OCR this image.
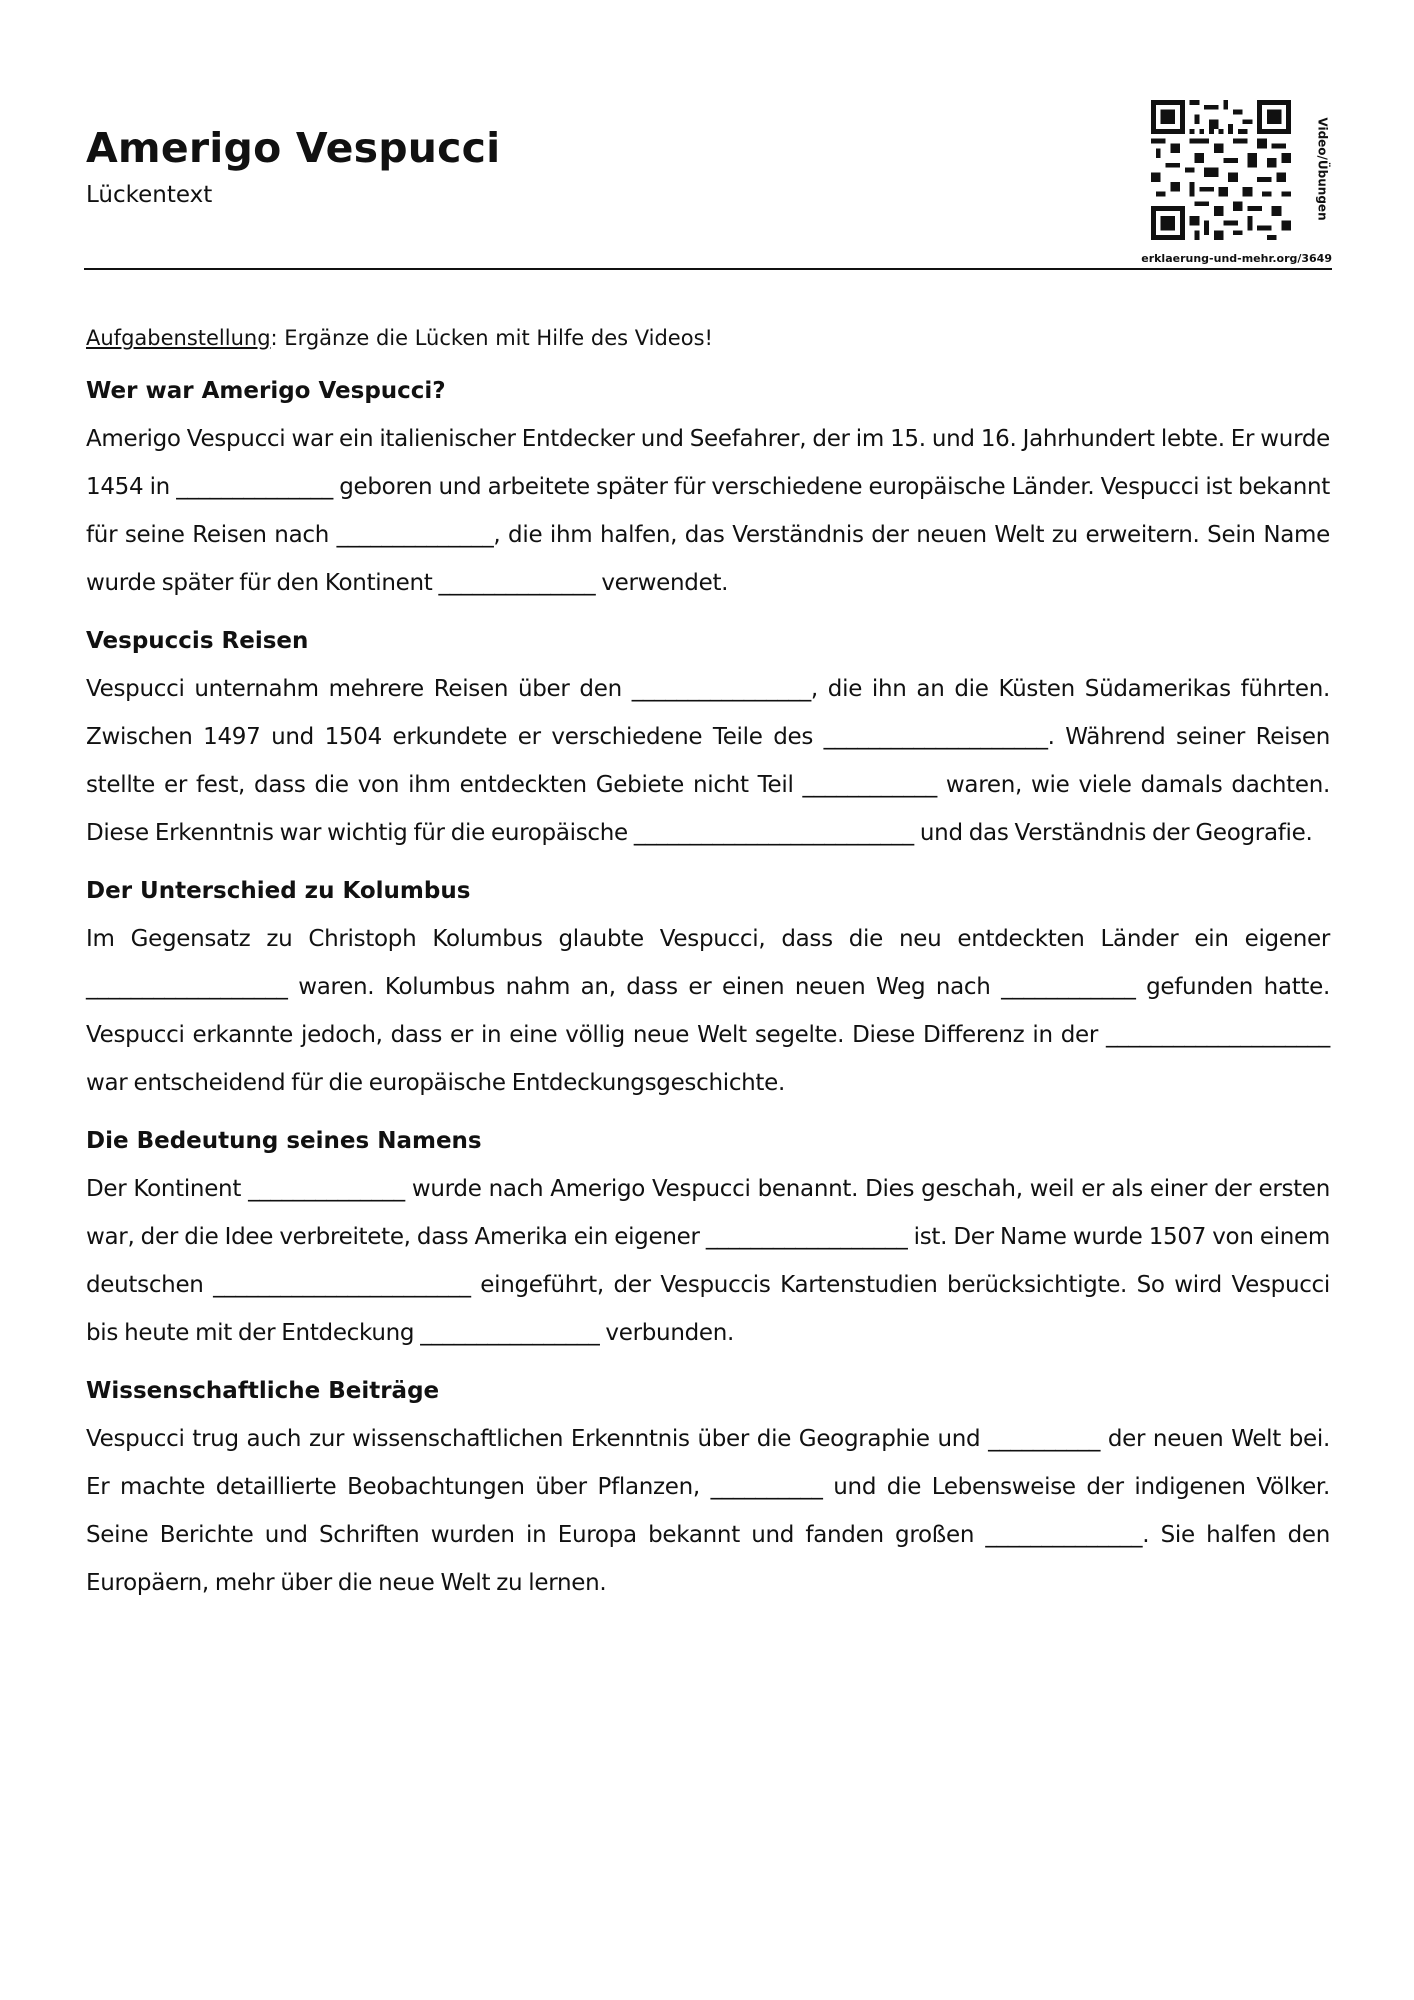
Amerigo Vespucci
Lückentext	Video/Übungen
erklaerung-und-mehr.org/3649
Aufgabenstellung: Ergänze die Lücken mit Hilfe des Videos!
Wer war Amerigo Vespucci?

Amerigo Vespucci war ein italienischer Entdecker und Seefahrer, der im 15. und 16. Jahrhundert lebte. Er wurde 1454 in ______________ geboren und arbeitete später für verschiedene europäische Länder. Vespucci ist bekannt für seine Reisen nach ______________, die ihm halfen, das Verständnis der neuen Welt zu erweitern. Sein Name wurde später für den Kontinent ______________ verwendet.

Vespuccis Reisen

Vespucci unternahm mehrere Reisen über den ________________, die ihn an die Küsten Südamerikas führten. Zwischen 1497 und 1504 erkundete er verschiedene Teile des ____________________. Während seiner Reisen stellte er fest, dass die von ihm entdeckten Gebiete nicht Teil ____________ waren, wie viele damals dachten. Diese Erkenntnis war wichtig für die europäische _________________________ und das Verständnis der Geografie.

Der Unterschied zu Kolumbus

Im Gegensatz zu Christoph Kolumbus glaubte Vespucci, dass die neu entdeckten Länder ein eigener __________________ waren. Kolumbus nahm an, dass er einen neuen Weg nach ____________ gefunden hatte. Vespucci erkannte jedoch, dass er in eine völlig neue Welt segelte. Diese Differenz in der ____________________ war entscheidend für die europäische Entdeckungsgeschichte.

Die Bedeutung seines Namens

Der Kontinent ______________ wurde nach Amerigo Vespucci benannt. Dies geschah, weil er als einer der ersten war, der die Idee verbreitete, dass Amerika ein eigener __________________ ist. Der Name wurde 1507 von einem deutschen _______________________ eingeführt, der Vespuccis Kartenstudien berücksichtigte. So wird Vespucci bis heute mit der Entdeckung ________________ verbunden.

Wissenschaftliche Beiträge

Vespucci trug auch zur wissenschaftlichen Erkenntnis über die Geographie und __________ der neuen Welt bei. Er machte detaillierte Beobachtungen über Pflanzen, __________ und die Lebensweise der indigenen Völker. Seine Berichte und Schriften wurden in Europa bekannt und fanden großen ______________. Sie halfen den Europäern, mehr über die neue Welt zu lernen.
